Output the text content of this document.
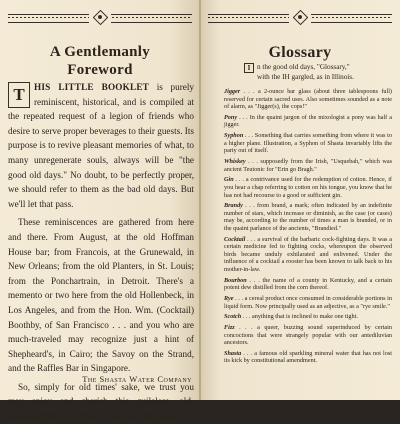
A Gentlemanly
Foreword

T	HIS LITTLE BOOKLET is purely reminiscent, historical, and is compiled at the repeated request of a legion of friends who desire to serve proper beverages to their guests. Its purpose is to revive pleasant memories of what, to many unregenerate souls, always will be "the good old days." No doubt, to be perfectly proper, we should refer to them as the bad old days. But we'll let that pass.

These reminiscences are gathered from here and there. From August, at the old Hoffman House bar; from Francois, at the Grunewald, in New Orleans; from the old Planters, in St. Louis; from the Ponchartrain, in Detroit. There's a memento or two here from the old Hollenbeck, in Los Angeles, and from the Hon. Wm. (Cocktail) Boothby, of San Francisco . . . and you who are much-traveled may recognize just a hint of Shepheard's, in Cairo; the Savoy on the Strand, and the Raffles Bar in Singapore.

So, simply for old times' sake, we trust you may enjoy and cherish this guileless, old-fashioned little brochure of the days that were.

The Shasta Water Company
Glossary
I n the good old days, "Glossary," with the IH gargled, as in Illinois.
Jigger . . . a 2-ounce bar glass (about three tablespoons full) reserved for certain sacred uses. Also sometimes sounded as a note of alarm, as "Jigger(s), the cops!"
Pony . . . In the quaint jargon of the mixologist a pony was half a jigger.
Syphon . . . Something that carries something from where it was to a higher plane. Illustration, a Syphon of Shasta invariably lifts the party out of itself.
Whiskey . . . supposedly from the Irish, "Usquebah," which was ancient Teutonic for "Erin go Bragh."
Gin . . . a contrivance used for the redemption of cotton. Hence, if you hear a chap referring to cotton on his tongue, you know that he has not had recourse to a good or sufficient gin.
Brandy . . . from brand, a mark; often indicated by an indefinite number of stars, which increase or diminish, as the case (or cases) may be, according to the number of times a man is branded, or in the quaint parlance of the ancients, "Brandied."
Cocktail . . . a survival of the barbaric cock-fighting days. It was a certain medicine fed to fighting cocks, whereupon the observed birds became unduly exhilarated and enlivened. Under the influence of a cocktail a rooster has been known to talk back to his mother-in-law.
Bourbon . . . the name of a county in Kentucky, and a certain potent dew distilled from the corn thereof.
Rye . . . a cereal product once consumed in considerable portions in liquid form. Now principally used as an adjective, as a "rye smile."
Scotch . . . anything that is inclined to make one tight.
Fizz . . . a queer, buzzing sound superinduced by certain concoctions that were strangely popular with our antediluvian ancestors.
Shasta . . . a famous old sparkling mineral water that has not lost its kick by constitutional amendment.
